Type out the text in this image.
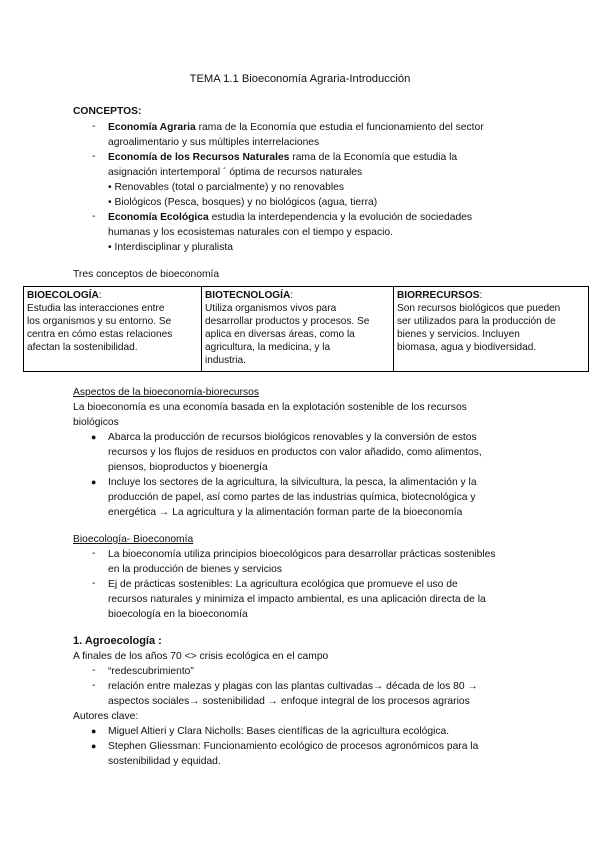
TEMA 1.1 Bioeconomía Agraria-Introducción
CONCEPTOS:
- Economía Agraria rama de la Economía que estudia el funcionamiento del sector
agroalimentario y sus múltiples interrelaciones
- Economía de los Recursos Naturales rama de la Economía que estudia la
asignación intertemporal ´ óptima de recursos naturales
• Renovables (total o parcialmente) y no renovables
• Biológicos (Pesca, bosques) y no biológicos (agua, tierra)
- Economía Ecológica estudia la interdependencia y la evolución de sociedades
humanas y los ecosistemas naturales con el tiempo y espacio.
• Interdisciplinar y pluralista
Tres conceptos de bioeconomía
BIOECOLOGÍA:
Estudia las interacciones entre
los organismos y su entorno. Se
centra en cómo estas relaciones
afectan la sostenibilidad.

BIOTECNOLOGÍA:
Utiliza organismos vivos para
desarrollar productos y procesos. Se
aplica en diversas áreas, como la
agricultura, la medicina, y la
industria.

BIORRECURSOS:
Son recursos biológicos que pueden
ser utilizados para la producción de
bienes y servicios. Incluyen
biomasa, agua y biodiversidad.
Aspectos de la bioeconomía-biorecursos
La bioeconomía es una economía basada en la explotación sostenible de los recursos
biológicos
● Abarca la producción de recursos biológicos renovables y la conversión de estos
recursos y los flujos de residuos en productos con valor añadido, como alimentos,
piensos, bioproductos y bioenergía
● Incluye los sectores de la agricultura, la silvicultura, la pesca, la alimentación y la
producción de papel, así como partes de las industrias química, biotecnológica y
energética → La agricultura y la alimentación forman parte de la bioeconomía
Bioecología- Bioeconomía
- La bioeconomía utiliza principios bioecológicos para desarrollar prácticas sostenibles
en la producción de bienes y servicios
- Ej de prácticas sostenibles: La agricultura ecológica que promueve el uso de
recursos naturales y minimiza el impacto ambiental, es una aplicación directa de la
bioecología en la bioeconomía
1. Agroecología :
A finales de los años 70 <> crisis ecológica en el campo
- “redescubrimiento”
- relación entre malezas y plagas con las plantas cultivadas→ década de los 80 →
aspectos sociales→ sostenibilidad → enfoque integral de los procesos agrarios
Autores clave:
● Miguel Altieri y Clara Nicholls: Bases científicas de la agricultura ecológica.
● Stephen Gliessman: Funcionamiento ecológico de procesos agronómicos para la
sostenibilidad y equidad.
